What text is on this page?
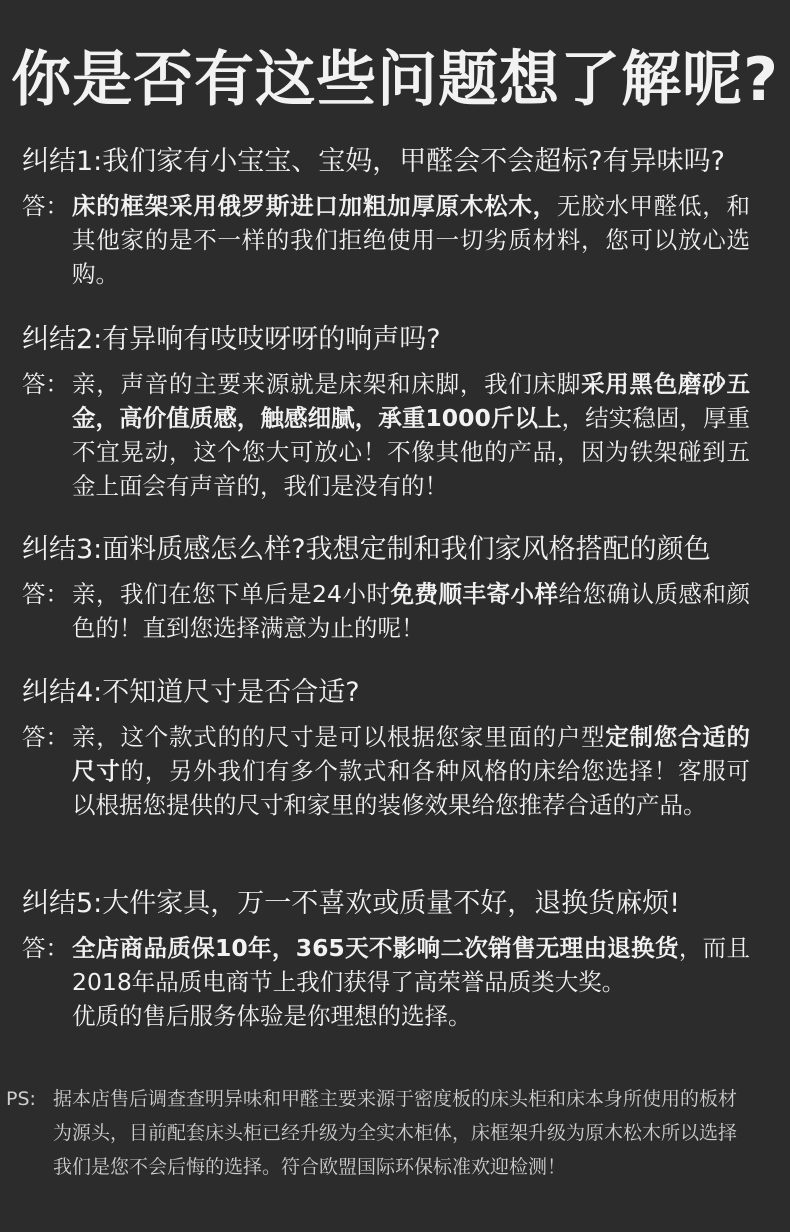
你是否有这些问题想了解呢?

纠结1:我们家有小宝宝、宝妈，甲醛会不会超标?有异味吗?

答： 床的框架采用俄罗斯进口加粗加厚原木松木，无胶水甲醛低，和其他家的是不一样的我们拒绝使用一切劣质材料，您可以放心选购。

纠结2:有异响有吱吱呀呀的响声吗?

答： 亲，声音的主要来源就是床架和床脚，我们床脚采用黑色磨砂五金，高价值质感，触感细腻，承重1000斤以上，结实稳固，厚重不宜晃动，这个您大可放心！不像其他的产品，因为铁架碰到五金上面会有声音的，我们是没有的！

纠结3:面料质感怎么样?我想定制和我们家风格搭配的颜色

答： 亲，我们在您下单后是24小时免费顺丰寄小样给您确认质感和颜色的！直到您选择满意为止的呢！

纠结4:不知道尺寸是否合适?

答： 亲，这个款式的的尺寸是可以根据您家里面的户型定制您合适的尺寸的，另外我们有多个款式和各种风格的床给您选择！客服可以根据您提供的尺寸和家里的装修效果给您推荐合适的产品。

纠结5:大件家具，万一不喜欢或质量不好，退换货麻烦!

答： 全店商品质保10年，365天不影响二次销售无理由退换货，而且2018年品质电商节上我们获得了高荣誉品质类大奖。
优质的售后服务体验是你理想的选择。
PS: 据本店售后调查查明异味和甲醛主要来源于密度板的床头柜和床本身所使用的板材为源头，目前配套床头柜已经升级为全实木柜体，床框架升级为原木松木所以选择我们是您不会后悔的选择。符合欧盟国际环保标准欢迎检测！
